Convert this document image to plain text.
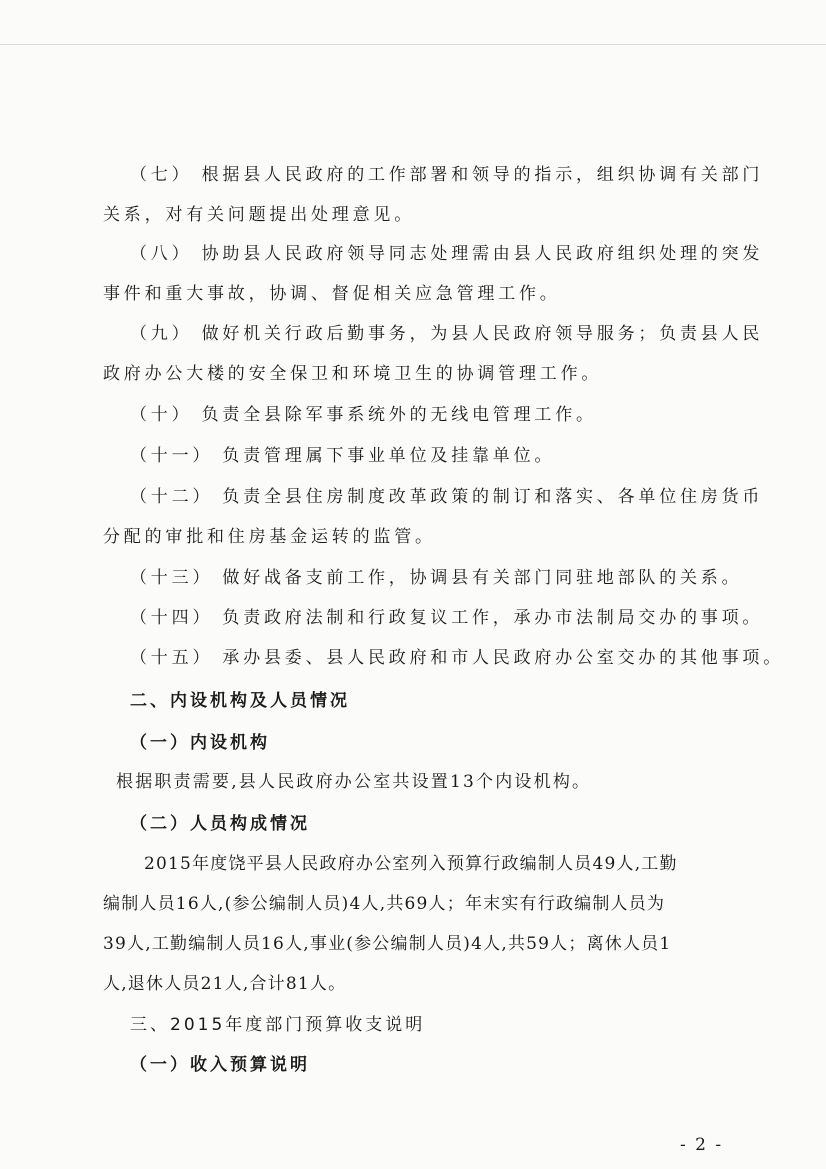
（七） 根据县人民政府的工作部署和领导的指示，组织协调有关部门
关系，对有关问题提出处理意见。
（八） 协助县人民政府领导同志处理需由县人民政府组织处理的突发
事件和重大事故，协调、督促相关应急管理工作。
（九） 做好机关行政后勤事务，为县人民政府领导服务；负责县人民
政府办公大楼的安全保卫和环境卫生的协调管理工作。
（十） 负责全县除军事系统外的无线电管理工作。
（十一） 负责管理属下事业单位及挂靠单位。
（十二） 负责全县住房制度改革政策的制订和落实、各单位住房货币
分配的审批和住房基金运转的监管。
（十三） 做好战备支前工作，协调县有关部门同驻地部队的关系。
（十四） 负责政府法制和行政复议工作，承办市法制局交办的事项。
（十五） 承办县委、县人民政府和市人民政府办公室交办的其他事项。
二、内设机构及人员情况
（一）内设机构
根据职责需要,县人民政府办公室共设置13个内设机构。
（二）人员构成情况
2015年度饶平县人民政府办公室列入预算行政编制人员49人,工勤
编制人员16人,(参公编制人员)4人,共69人；年末实有行政编制人员为
39人,工勤编制人员16人,事业(参公编制人员)4人,共59人；离休人员1
人,退休人员21人,合计81人。
三、2015年度部门预算收支说明
（一）收入预算说明
- 2 -
